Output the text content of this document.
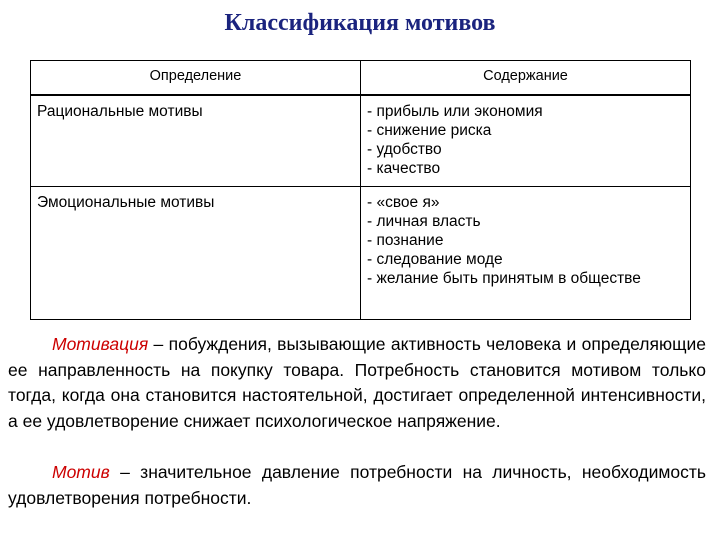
Классификация мотивов
Определение	Содержание
Рациональные мотивы	- прибыль или экономия
- снижение риска
- удобство
- качество

Эмоциональные мотивы	- «свое я»
- личная власть
- познание
- следование моде
- желание быть принятым в обществе
Мотивация – побуждения, вызывающие активность человека и определяющие ее направленность на покупку товара. Потребность становится мотивом только тогда, когда она становится настоятельной, достигает определенной интенсивности, а ее удовлетворение снижает психологическое напряжение.
Мотив – значительное давление потребности на личность, необходимость удовлетворения потребности.
